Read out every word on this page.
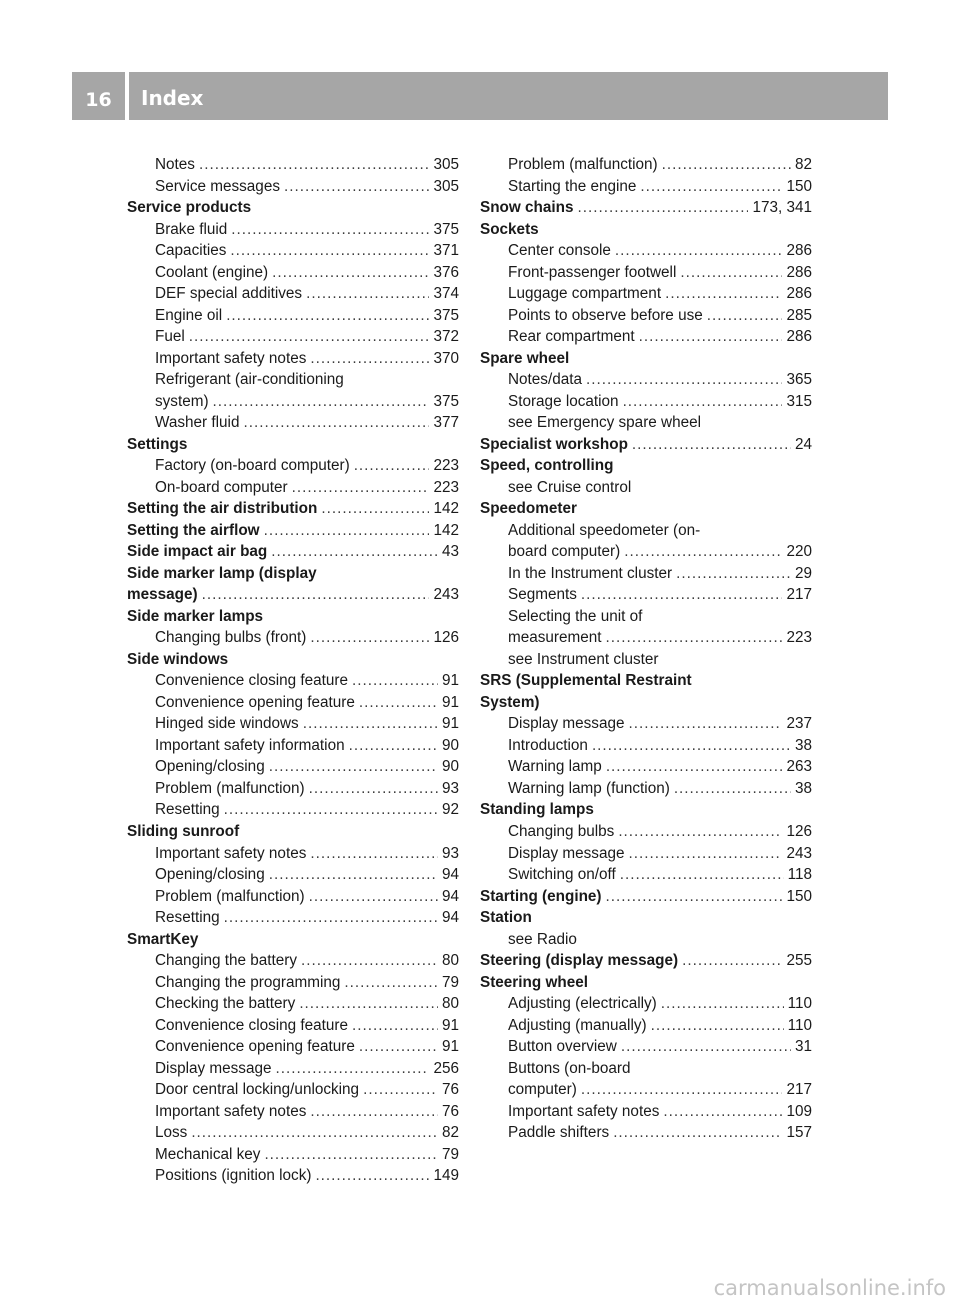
16	Index
Notes .....	305
Service messages .....	305
Service products
Brake fluid .....	375
Capacities .....	371
Coolant (engine) .....	376
DEF special additives .....	374
Engine oil .....	375
Fuel .....	372
Important safety notes .....	370
Refrigerant (air-conditioning
system) .....	375
Washer fluid .....	377
Settings
Factory (on-board computer) .....	223
On-board computer .....	223
Setting the air distribution .....	142
Setting the airflow .....	142
Side impact air bag .....	43
Side marker lamp (display
message) .....	243
Side marker lamps
Changing bulbs (front) .....	126
Side windows
Convenience closing feature .....	91
Convenience opening feature .....	91
Hinged side windows .....	91
Important safety information .....	90
Opening/closing .....	90
Problem (malfunction) .....	93
Resetting .....	92
Sliding sunroof
Important safety notes .....	93
Opening/closing .....	94
Problem (malfunction) .....	94
Resetting .....	94
SmartKey
Changing the battery .....	80
Changing the programming .....	79
Checking the battery .....	80
Convenience closing feature .....	91
Convenience opening feature .....	91
Display message .....	256
Door central locking/unlocking .....	76
Important safety notes .....	76
Loss .....	82
Mechanical key .....	79
Positions (ignition lock) .....	149
Problem (malfunction) .....	82
Starting the engine .....	150
Snow chains .....	173, 341
Sockets
Center console .....	286
Front-passenger footwell .....	286
Luggage compartment .....	286
Points to observe before use .....	285
Rear compartment .....	286
Spare wheel
Notes/data .....	365
Storage location .....	315
see Emergency spare wheel
Specialist workshop .....	24
Speed, controlling
see Cruise control
Speedometer
Additional speedometer (on-
board computer) .....	220
In the Instrument cluster .....	29
Segments .....	217
Selecting the unit of
measurement .....	223
see Instrument cluster
SRS (Supplemental Restraint
System)
Display message .....	237
Introduction .....	38
Warning lamp .....	263
Warning lamp (function) .....	38
Standing lamps
Changing bulbs .....	126
Display message .....	243
Switching on/off .....	118
Starting (engine) .....	150
Station
see Radio
Steering (display message) .....	255
Steering wheel
Adjusting (electrically) .....	110
Adjusting (manually) .....	110
Button overview .....	31
Buttons (on-board
computer) .....	217
Important safety notes .....	109
Paddle shifters .....	157
carmanualsonline.info
